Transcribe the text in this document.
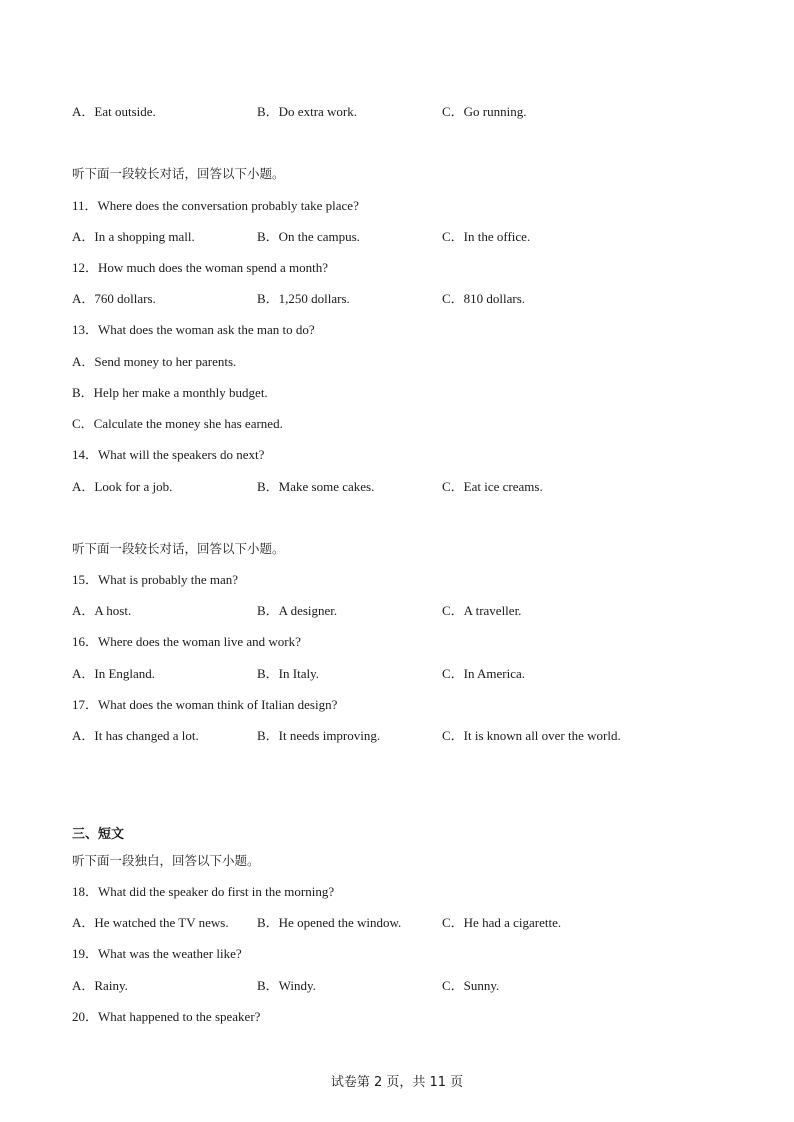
A．Eat outside.	B．Do extra work.	C．Go running.
听下面一段较长对话，回答以下小题。
11．Where does the conversation probably take place?
A．In a shopping mall.	B．On the campus.	C．In the office.
12．How much does the woman spend a month?
A．760 dollars.	B．1,250 dollars.	C．810 dollars.
13．What does the woman ask the man to do?
A．Send money to her parents.
B．Help her make a monthly budget.
C．Calculate the money she has earned.
14．What will the speakers do next?
A．Look for a job.	B．Make some cakes.	C．Eat ice creams.
听下面一段较长对话，回答以下小题。
15．What is probably the man?
A．A host.	B．A designer.	C．A traveller.
16．Where does the woman live and work?
A．In England.	B．In Italy.	C．In America.
17．What does the woman think of Italian design?
A．It has changed a lot.	B．It needs improving.	C．It is known all over the world.
三、短文
听下面一段独白，回答以下小题。
18．What did the speaker do first in the morning?
A．He watched the TV news. B．He opened the window.	C．He had a cigarette.
19．What was the weather like?
A．Rainy.	B．Windy.	C．Sunny.
20．What happened to the speaker?
试卷第 2 页，共 11 页
